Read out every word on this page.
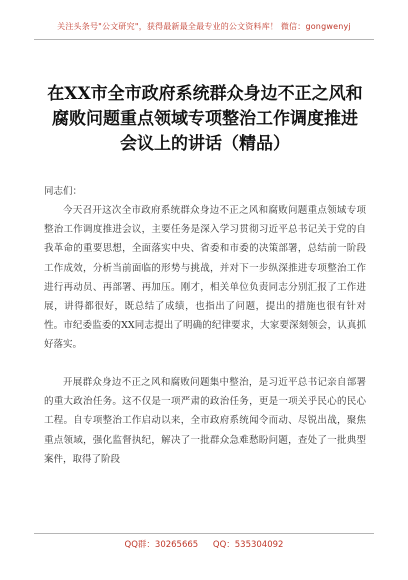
关注头条号"公文研究"，获得最新最全最专业的公文资料库！ 微信：gongwenyj
在XX市全市政府系统群众身边不正之风和腐败问题重点领域专项整治工作调度推进会议上的讲话（精品）
同志们：
今天召开这次全市政府系统群众身边不正之风和腐败问题重点领域专项整治工作调度推进会议，主要任务是深入学习贯彻习近平总书记关于党的自我革命的重要思想，全面落实中央、省委和市委的决策部署，总结前一阶段工作成效，分析当前面临的形势与挑战，并对下一步纵深推进专项整治工作进行再动员、再部署、再加压。刚才，相关单位负责同志分别汇报了工作进展，讲得都很好，既总结了成绩，也指出了问题，提出的措施也很有针对性。市纪委监委的XX同志提出了明确的纪律要求，大家要深刻领会，认真抓好落实。
开展群众身边不正之风和腐败问题集中整治，是习近平总书记亲自部署的重大政治任务。这不仅是一项严肃的政治任务，更是一项关乎民心的民心工程。自专项整治工作启动以来，全市政府系统闻令而动、尽锐出战，聚焦重点领域，强化监督执纪，解决了一批群众急难愁盼问题，查处了一批典型案件，取得了阶段
QQ群：30265665 QQ：535304092
